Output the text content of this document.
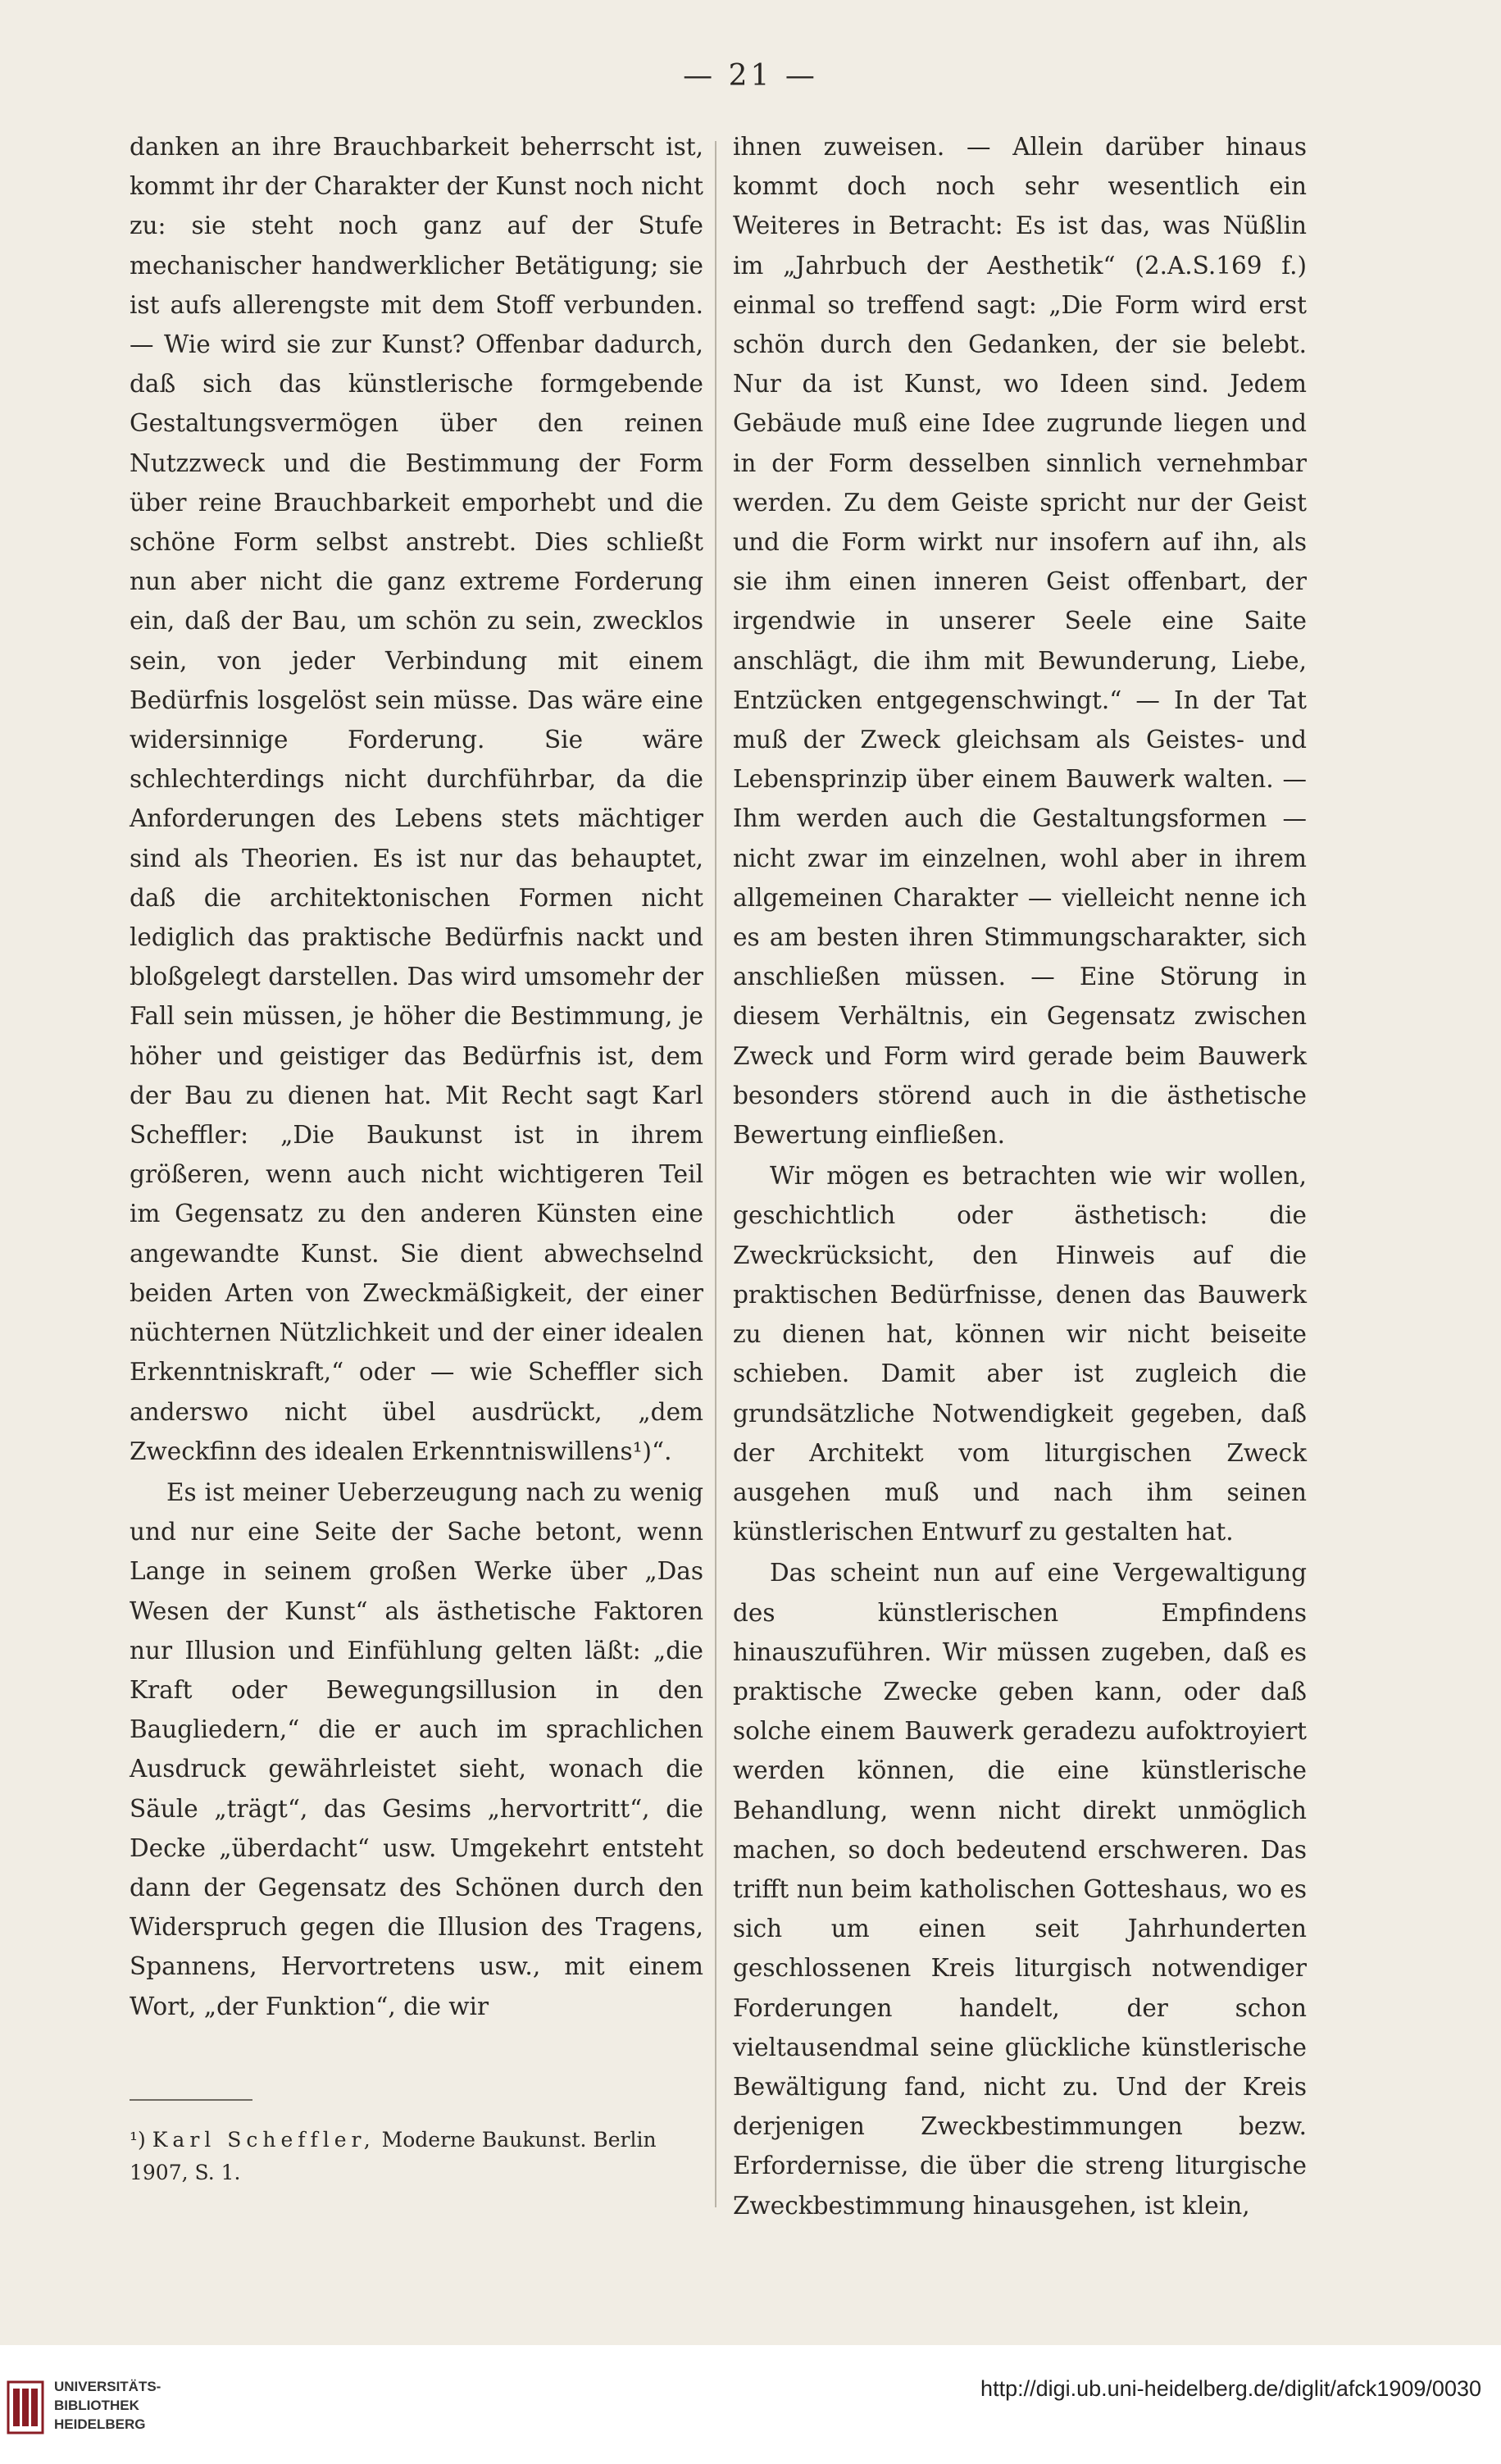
— 21 —

danken an ihre Brauchbarkeit beherrscht ist, kommt ihr der Charakter der Kunst noch nicht zu: sie steht noch ganz auf der Stufe mechanischer handwerklicher Betätigung; sie ist aufs allerengste mit dem Stoff verbunden. — Wie wird sie zur Kunst? Offenbar dadurch, daß sich das künstlerische formgebende Gestaltungsvermögen über den reinen Nutzzweck und die Bestimmung der Form über reine Brauchbarkeit emporhebt und die schöne Form selbst anstrebt. Dies schließt nun aber nicht die ganz extreme Forderung ein, daß der Bau, um schön zu sein, zwecklos sein, von jeder Verbindung mit einem Bedürfnis losgelöst sein müsse. Das wäre eine widersinnige Forderung. Sie wäre schlechterdings nicht durchführbar, da die Anforderungen des Lebens stets mächtiger sind als Theorien. Es ist nur das behauptet, daß die architektonischen Formen nicht lediglich das praktische Bedürfnis nackt und bloßgelegt darstellen. Das wird umsomehr der Fall sein müssen, je höher die Bestimmung, je höher und geistiger das Bedürfnis ist, dem der Bau zu dienen hat. Mit Recht sagt Karl Scheffler: „Die Baukunst ist in ihrem größeren, wenn auch nicht wichtigeren Teil im Gegensatz zu den anderen Künsten eine angewandte Kunst. Sie dient abwechselnd beiden Arten von Zweckmäßigkeit, der einer nüchternen Nützlichkeit und der einer idealen Erkenntniskraft,“ oder — wie Scheffler sich anderswo nicht übel ausdrückt, „dem Zweckfinn des idealen Erkenntniswillens¹)“.

Es ist meiner Ueberzeugung nach zu wenig und nur eine Seite der Sache betont, wenn Lange in seinem großen Werke über „Das Wesen der Kunst“ als ästhetische Faktoren nur Illusion und Einfühlung gelten läßt: „die Kraft oder Bewegungsillusion in den Baugliedern,“ die er auch im sprachlichen Ausdruck gewährleistet sieht, wonach die Säule „trägt“, das Gesims „hervortritt“, die Decke „überdacht“ usw. Umgekehrt entsteht dann der Gegensatz des Schönen durch den Widerspruch gegen die Illusion des Tragens, Spannens, Hervortretens usw., mit einem Wort, „der Funktion“, die wir

ihnen zuweisen. — Allein darüber hinaus kommt doch noch sehr wesentlich ein Weiteres in Betracht: Es ist das, was Nüßlin im „Jahrbuch der Aesthetik“ (2.A.S.169 f.) einmal so treffend sagt: „Die Form wird erst schön durch den Gedanken, der sie belebt. Nur da ist Kunst, wo Ideen sind. Jedem Gebäude muß eine Idee zugrunde liegen und in der Form desselben sinnlich vernehmbar werden. Zu dem Geiste spricht nur der Geist und die Form wirkt nur insofern auf ihn, als sie ihm einen inneren Geist offenbart, der irgendwie in unserer Seele eine Saite anschlägt, die ihm mit Bewunderung, Liebe, Entzücken entgegenschwingt.“ — In der Tat muß der Zweck gleichsam als Geistes- und Lebensprinzip über einem Bauwerk walten. — Ihm werden auch die Gestaltungsformen — nicht zwar im einzelnen, wohl aber in ihrem allgemeinen Charakter — vielleicht nenne ich es am besten ihren Stimmungscharakter, sich anschließen müssen. — Eine Störung in diesem Verhältnis, ein Gegensatz zwischen Zweck und Form wird gerade beim Bauwerk besonders störend auch in die ästhetische Bewertung einfließen.

Wir mögen es betrachten wie wir wollen, geschichtlich oder ästhetisch: die Zweckrücksicht, den Hinweis auf die praktischen Bedürfnisse, denen das Bauwerk zu dienen hat, können wir nicht beiseite schieben. Damit aber ist zugleich die grundsätzliche Notwendigkeit gegeben, daß der Architekt vom liturgischen Zweck ausgehen muß und nach ihm seinen künstlerischen Entwurf zu gestalten hat.

Das scheint nun auf eine Vergewaltigung des künstlerischen Empfindens hinauszuführen. Wir müssen zugeben, daß es praktische Zwecke geben kann, oder daß solche einem Bauwerk geradezu aufoktroyiert werden können, die eine künstlerische Behandlung, wenn nicht direkt unmöglich machen, so doch bedeutend erschweren. Das trifft nun beim katholischen Gotteshaus, wo es sich um einen seit Jahrhunderten geschlossenen Kreis liturgisch notwendiger Forderungen handelt, der schon vieltausendmal seine glückliche künstlerische Bewältigung fand, nicht zu. Und der Kreis derjenigen Zweckbestimmungen bezw. Erfordernisse, die über die streng liturgische Zweckbestimmung hinausgehen, ist klein,

¹) Karl Scheffler, Moderne Baukunst. Berlin 1907, S. 1.
UNIVERSITÄTS-
BIBLIOTHEK
HEIDELBERG
http://digi.ub.uni-heidelberg.de/diglit/afck1909/0030
